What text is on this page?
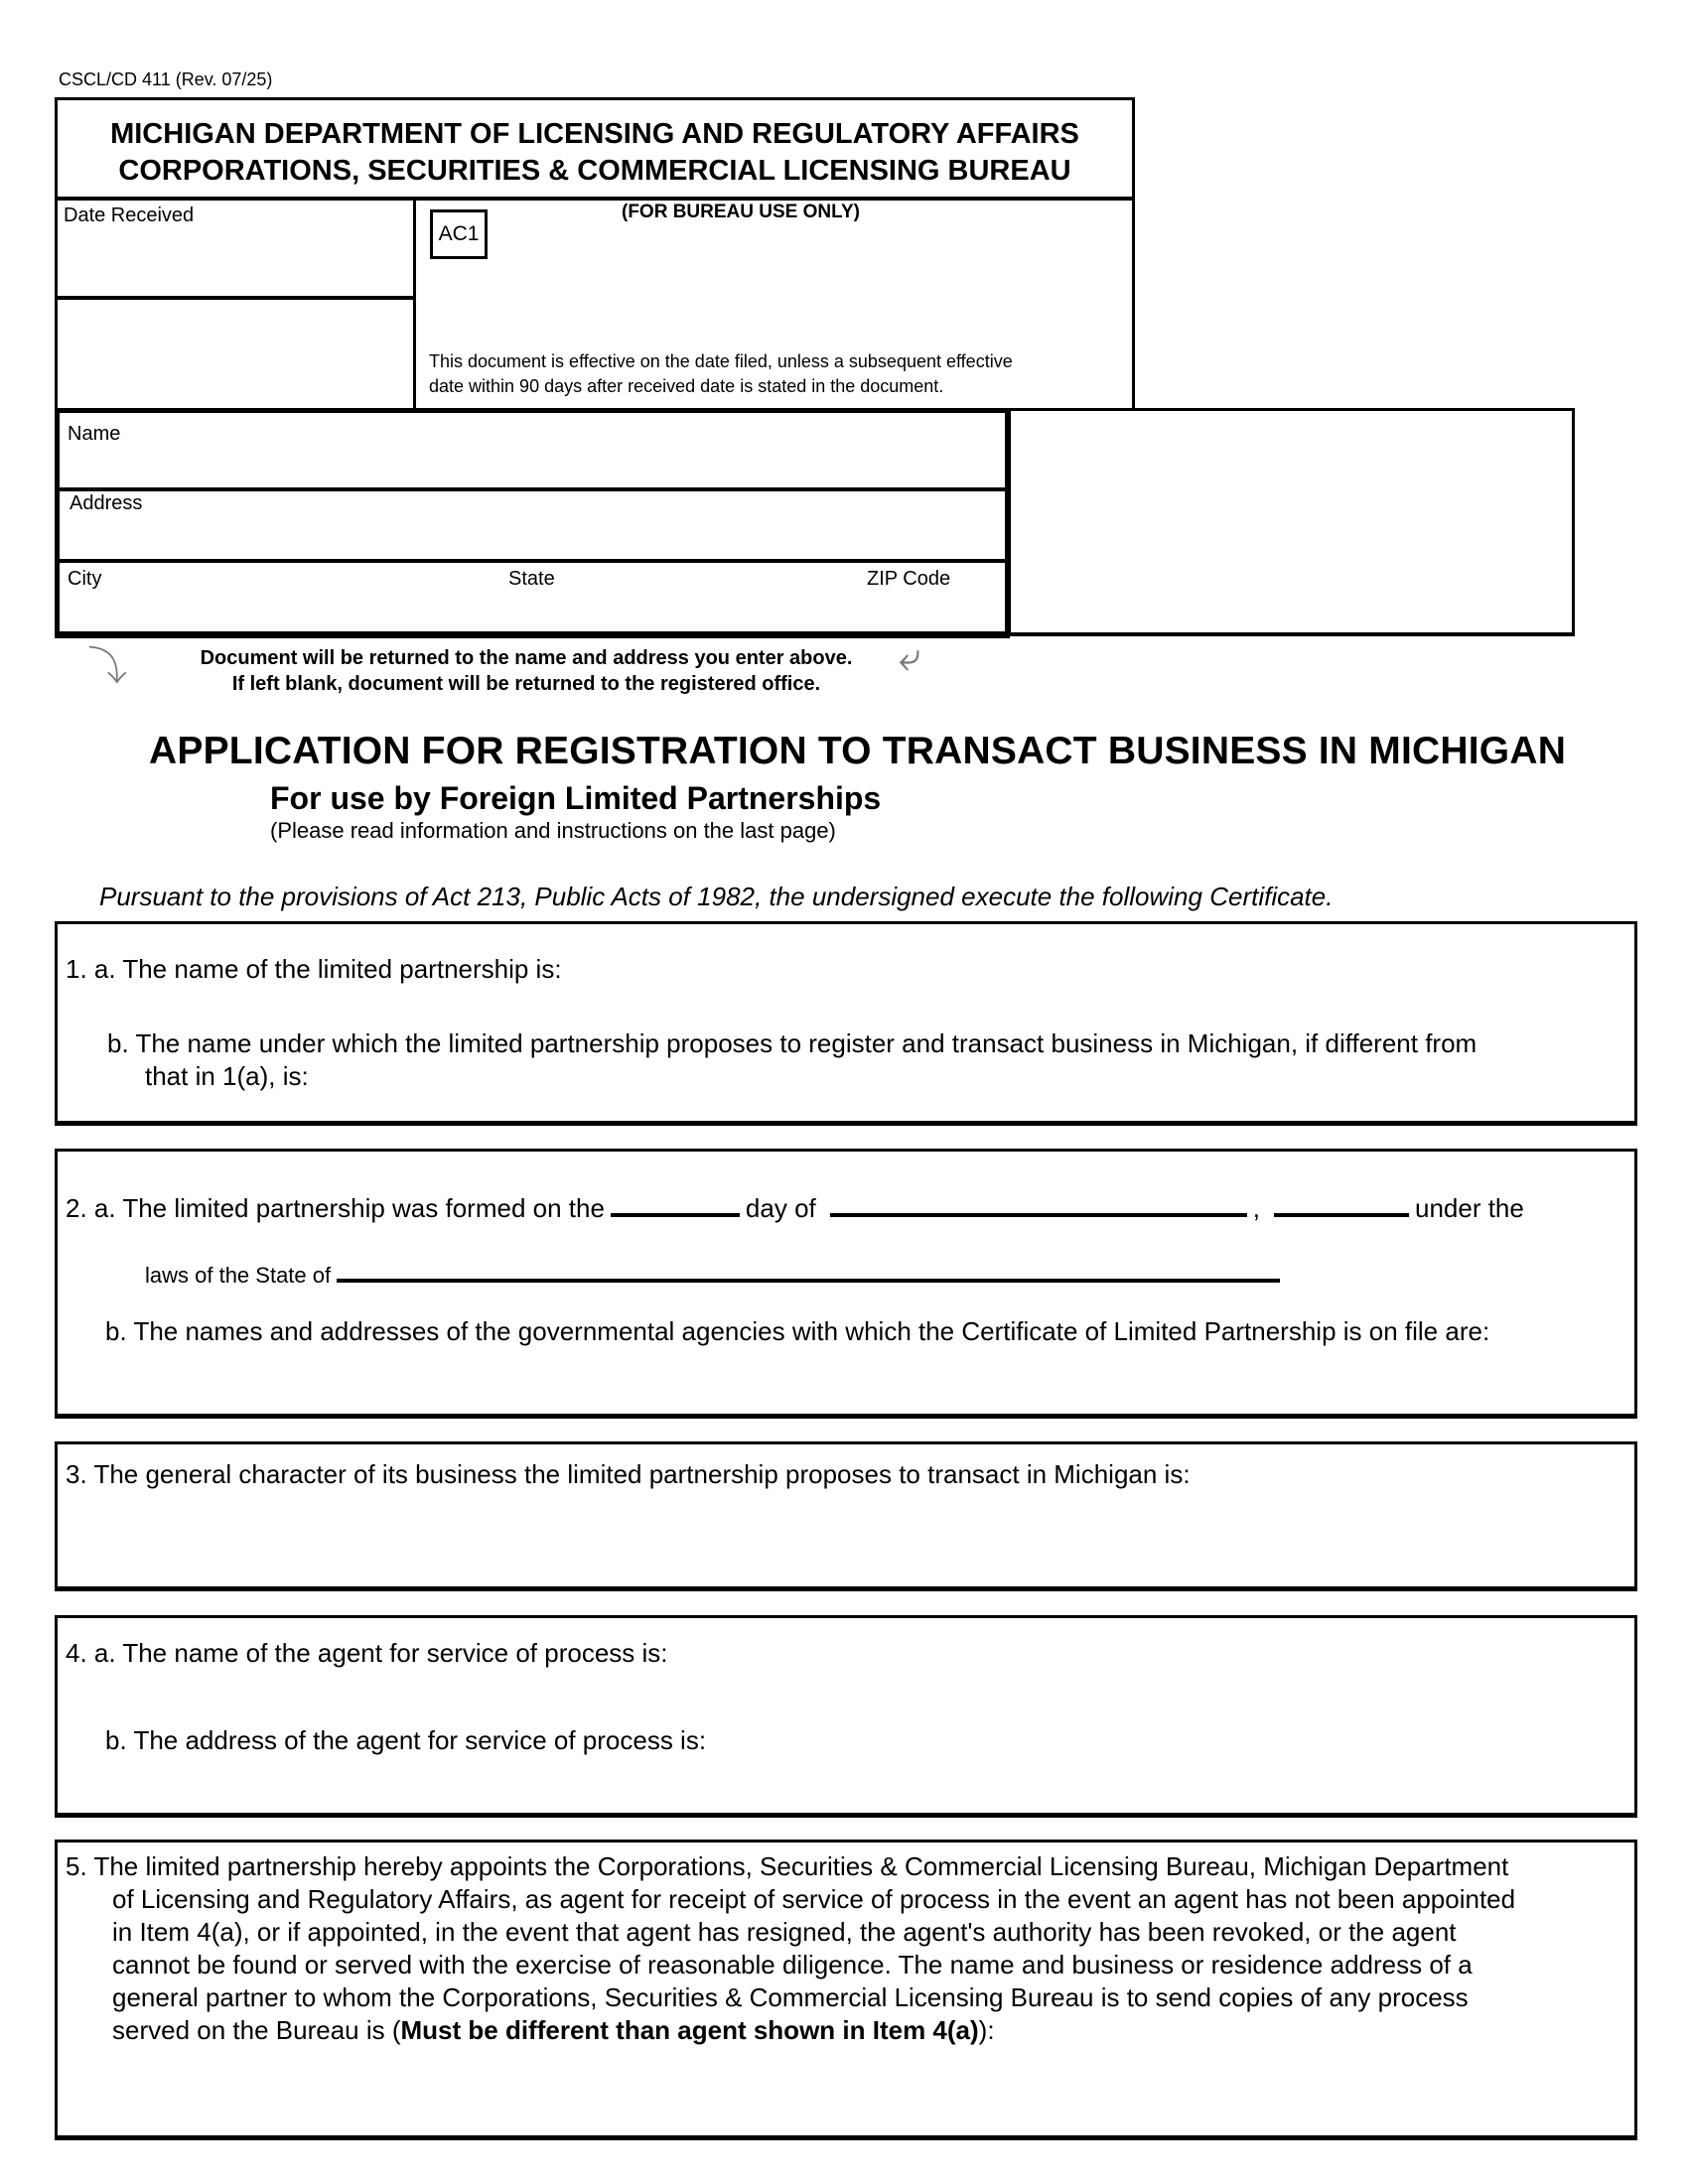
CSCL/CD 411 (Rev. 07/25)
MICHIGAN DEPARTMENT OF LICENSING AND REGULATORY AFFAIRS
CORPORATIONS, SECURITIES & COMMERCIAL LICENSING BUREAU
Date Received
AC1
(FOR BUREAU USE ONLY)
This document is effective on the date filed, unless a subsequent effective
date within 90 days after received date is stated in the document.
Name
Address
City	State	ZIP Code
⤵	Document will be returned to the name and address you enter above.
If left blank, document will be returned to the registered office.
⤶
APPLICATION FOR REGISTRATION TO TRANSACT BUSINESS IN MICHIGAN
For use by Foreign Limited Partnerships
(Please read information and instructions on the last page)
Pursuant to the provisions of Act 213, Public Acts of 1982, the undersigned execute the following Certificate.
1. a. The name of the limited partnership is:
b. The name under which the limited partnership proposes to register and transact business in Michigan, if different from
that in 1(a), is:
2. a. The limited partnership was formed on the	day of	,	under the
laws of the State of
b. The names and addresses of the governmental agencies with which the Certificate of Limited Partnership is on file are:
3. The general character of its business the limited partnership proposes to transact in Michigan is:
4. a. The name of the agent for service of process is:
b. The address of the agent for service of process is:
5. The limited partnership hereby appoints the Corporations, Securities & Commercial Licensing Bureau, Michigan Department
of Licensing and Regulatory Affairs, as agent for receipt of service of process in the event an agent has not been appointed
in Item 4(a), or if appointed, in the event that agent has resigned, the agent's authority has been revoked, or the agent
cannot be found or served with the exercise of reasonable diligence. The name and business or residence address of a
general partner to whom the Corporations, Securities & Commercial Licensing Bureau is to send copies of any process
served on the Bureau is (Must be different than agent shown in Item 4(a)):
